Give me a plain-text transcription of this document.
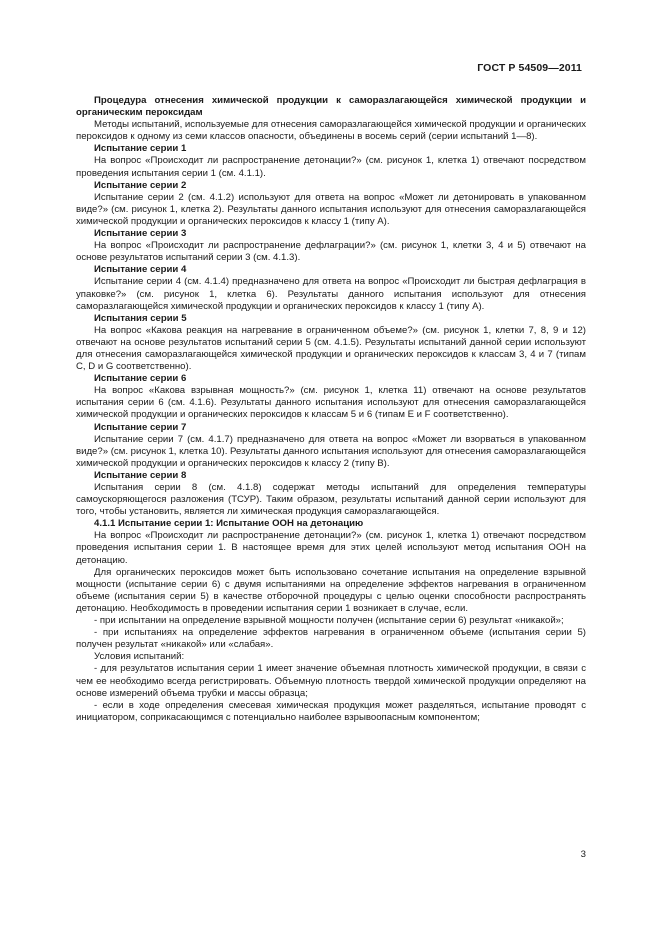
ГОСТ Р 54509—2011

Процедура отнесения химической продукции к саморазлагающейся химической продукции и органическим пероксидам

Методы испытаний, используемые для отнесения саморазлагающейся химической продукции и органических пероксидов к одному из семи классов опасности, объединены в восемь серий (серии испытаний 1—8).

Испытание серии 1

На вопрос «Происходит ли распространение детонации?» (см. рисунок 1, клетка 1) отвечают посредством проведения испытания серии 1 (см. 4.1.1).

Испытание серии 2

Испытание серии 2 (см. 4.1.2) используют для ответа на вопрос «Может ли детонировать в упакованном виде?» (см. рисунок 1, клетка 2). Результаты данного испытания используют для отнесения саморазлагающейся химической продукции и органических пероксидов к классу 1 (типу А).

Испытание серии 3

На вопрос «Происходит ли распространение дефлаграции?» (см. рисунок 1, клетки 3, 4 и 5) отвечают на основе результатов испытаний серии 3 (см. 4.1.3).

Испытание серии 4

Испытание серии 4 (см. 4.1.4) предназначено для ответа на вопрос «Происходит ли быстрая дефлаграция в упаковке?» (см. рисунок 1, клетка 6). Результаты данного испытания используют для отнесения саморазлагающейся химической продукции и органических пероксидов к классу 1 (типу А).

Испытания серии 5

На вопрос «Какова реакция на нагревание в ограниченном объеме?» (см. рисунок 1, клетки 7, 8, 9 и 12) отвечают на основе результатов испытаний серии 5 (см. 4.1.5). Результаты испытаний данной серии используют для отнесения саморазлагающейся химической продукции и органических пероксидов к классам 3, 4 и 7 (типам С, D и G соответственно).

Испытание серии 6

На вопрос «Какова взрывная мощность?» (см. рисунок 1, клетка 11) отвечают на основе результатов испытания серии 6 (см. 4.1.6). Результаты данного испытания используют для отнесения саморазлагающейся химической продукции и органических пероксидов к классам 5 и 6 (типам Е и F соответственно).

Испытание серии 7

Испытание серии 7 (см. 4.1.7) предназначено для ответа на вопрос «Может ли взорваться в упакованном виде?» (см. рисунок 1, клетка 10). Результаты данного испытания используют для отнесения саморазлагающейся химической продукции и органических пероксидов к классу 2 (типу В).

Испытание серии 8

Испытания серии 8 (см. 4.1.8) содержат методы испытаний для определения температуры самоускоряющегося разложения (ТСУР). Таким образом, результаты испытаний данной серии используют для того, чтобы установить, является ли химическая продукция саморазлагающейся.

4.1.1 Испытание серии 1: Испытание ООН на детонацию

На вопрос «Происходит ли распространение детонации?» (см. рисунок 1, клетка 1) отвечают посредством проведения испытания серии 1. В настоящее время для этих целей используют метод испытания ООН на детонацию.

Для органических пероксидов может быть использовано сочетание испытания на определение взрывной мощности (испытание серии 6) с двумя испытаниями на определение эффектов нагревания в ограниченном объеме (испытания серии 5) в качестве отборочной процедуры с целью оценки способности распространять детонацию. Необходимость в проведении испытания серии 1 возникает в случае, если.

- при испытании на определение взрывной мощности получен (испытание серии 6) результат «никакой»;

- при испытаниях на определение эффектов нагревания в ограниченном объеме (испытания серии 5) получен результат «никакой» или «слабая».

Условия испытаний:

- для результатов испытания серии 1 имеет значение объемная плотность химической продукции, в связи с чем ее необходимо всегда регистрировать. Объемную плотность твердой химической продукции определяют на основе измерений объема трубки и массы образца;

- если в ходе определения смесевая химическая продукция может разделяться, испытание проводят с инициатором, соприкасающимся с потенциально наиболее взрывоопасным компонентом;

3
